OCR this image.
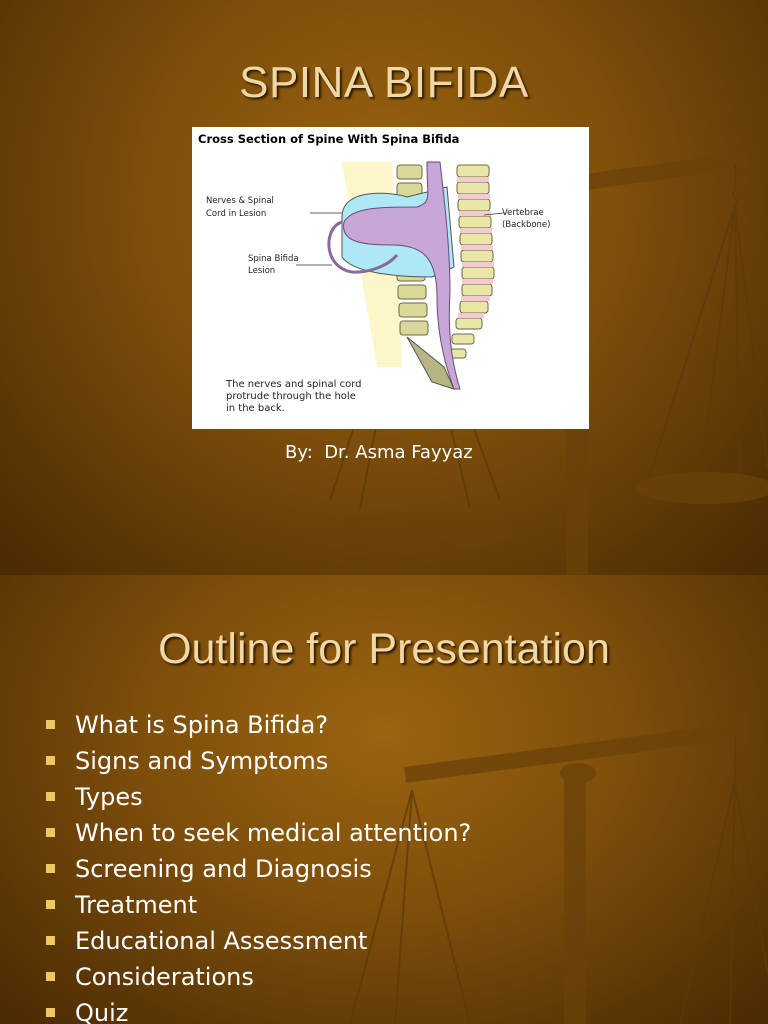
SPINA BIFIDA
Cross Section of Spine With Spina Bifida
Nerves & Spinal
Cord in Lesion	Vertebrae
(Backbone)
Spina Bifida
Lesion
The nerves and spinal cord
protrude through the hole
in the back.
By:  Dr. Asma Fayyaz
Outline for Presentation
What is Spina Bifida?
Signs and Symptoms
Types
When to seek medical attention?
Screening and Diagnosis
Treatment
Educational Assessment
Considerations
Quiz
